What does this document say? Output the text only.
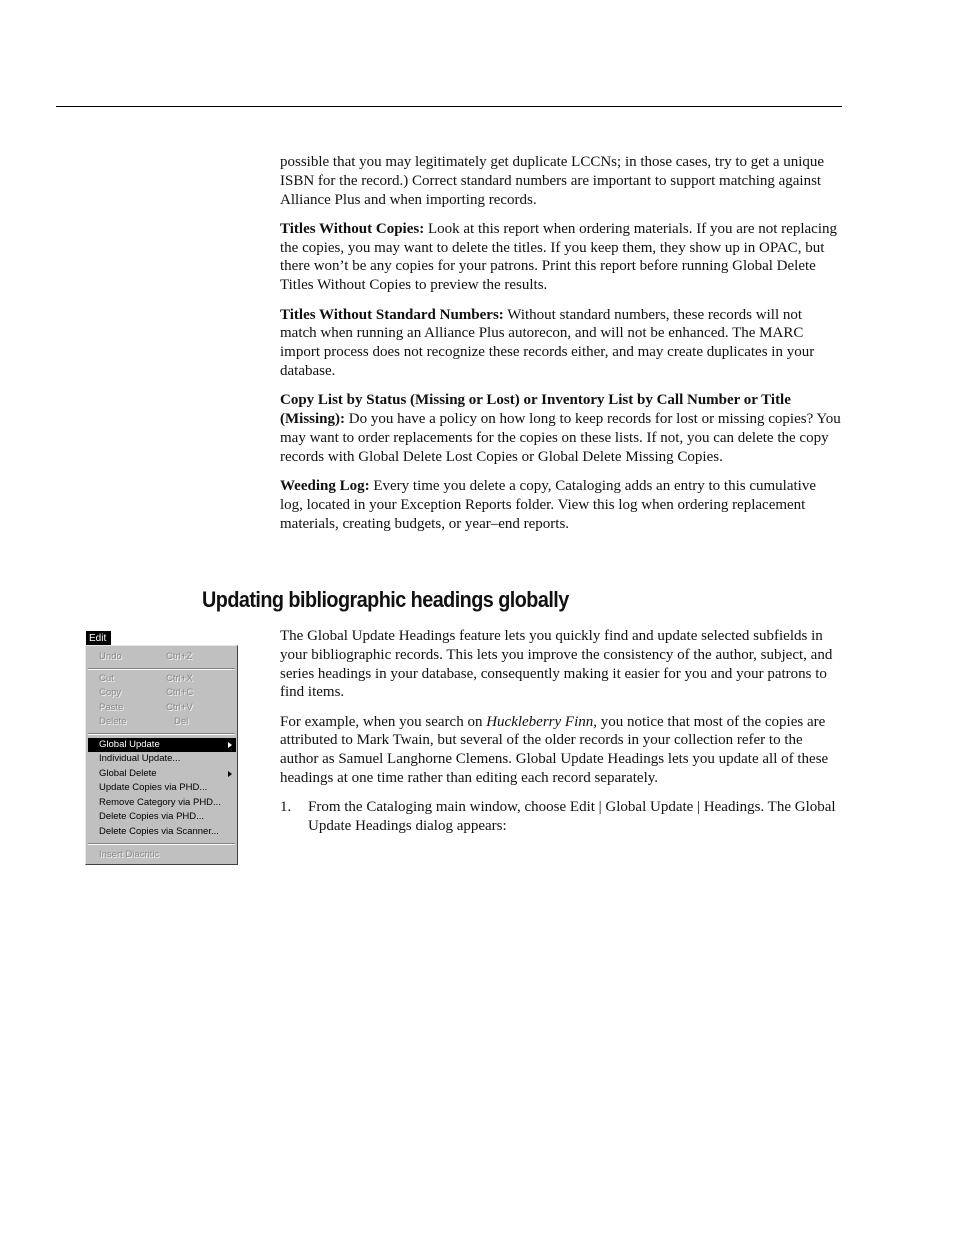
possible that you may legitimately get duplicate LCCNs; in those cases, try to get a unique ISBN for the record.) Correct standard numbers are important to support matching against Alliance Plus and when importing records.

Titles Without Copies: Look at this report when ordering materials. If you are not replacing the copies, you may want to delete the titles. If you keep them, they show up in OPAC, but there won’t be any copies for your patrons. Print this report before running Global Delete Titles Without Copies to preview the results.

Titles Without Standard Numbers: Without standard numbers, these records will not match when running an Alliance Plus autorecon, and will not be enhanced. The MARC import process does not recognize these records either, and may create duplicates in your database.

Copy List by Status (Missing or Lost) or Inventory List by Call Number or Title (Missing): Do you have a policy on how long to keep records for lost or missing copies? You may want to order replacements for the copies on these lists. If not, you can delete the copy records with Global Delete Lost Copies or Global Delete Missing Copies.

Weeding Log: Every time you delete a copy, Cataloging adds an entry to this cumulative log, located in your Exception Reports folder. View this log when ordering replacement materials, creating budgets, or year–end reports.

Updating bibliographic headings globally

The Global Update Headings feature lets you quickly find and update selected subfields in your bibliographic records. This lets you improve the consistency of the author, subject, and series headings in your database, consequently making it easier for you and your patrons to find items.

For example, when you search on Huckleberry Finn, you notice that most of the copies are attributed to Mark Twain, but several of the older records in your collection refer to the author as Samuel Langhorne Clemens. Global Update Headings lets you update all of these headings at one time rather than editing each record separately.

1. From the Cataloging main window, choose Edit | Global Update | Headings. The Global Update Headings dialog appears:

Edit
Undo	Ctrl+Z
Cut	Ctrl+X
Copy	Ctrl+C
Paste	Ctrl+V
Delete	Del
Global Update
Individual Update...
Global Delete
Update Copies via PHD...
Remove Category via PHD...
Delete Copies via PHD...
Delete Copies via Scanner...
Insert Diacritic
